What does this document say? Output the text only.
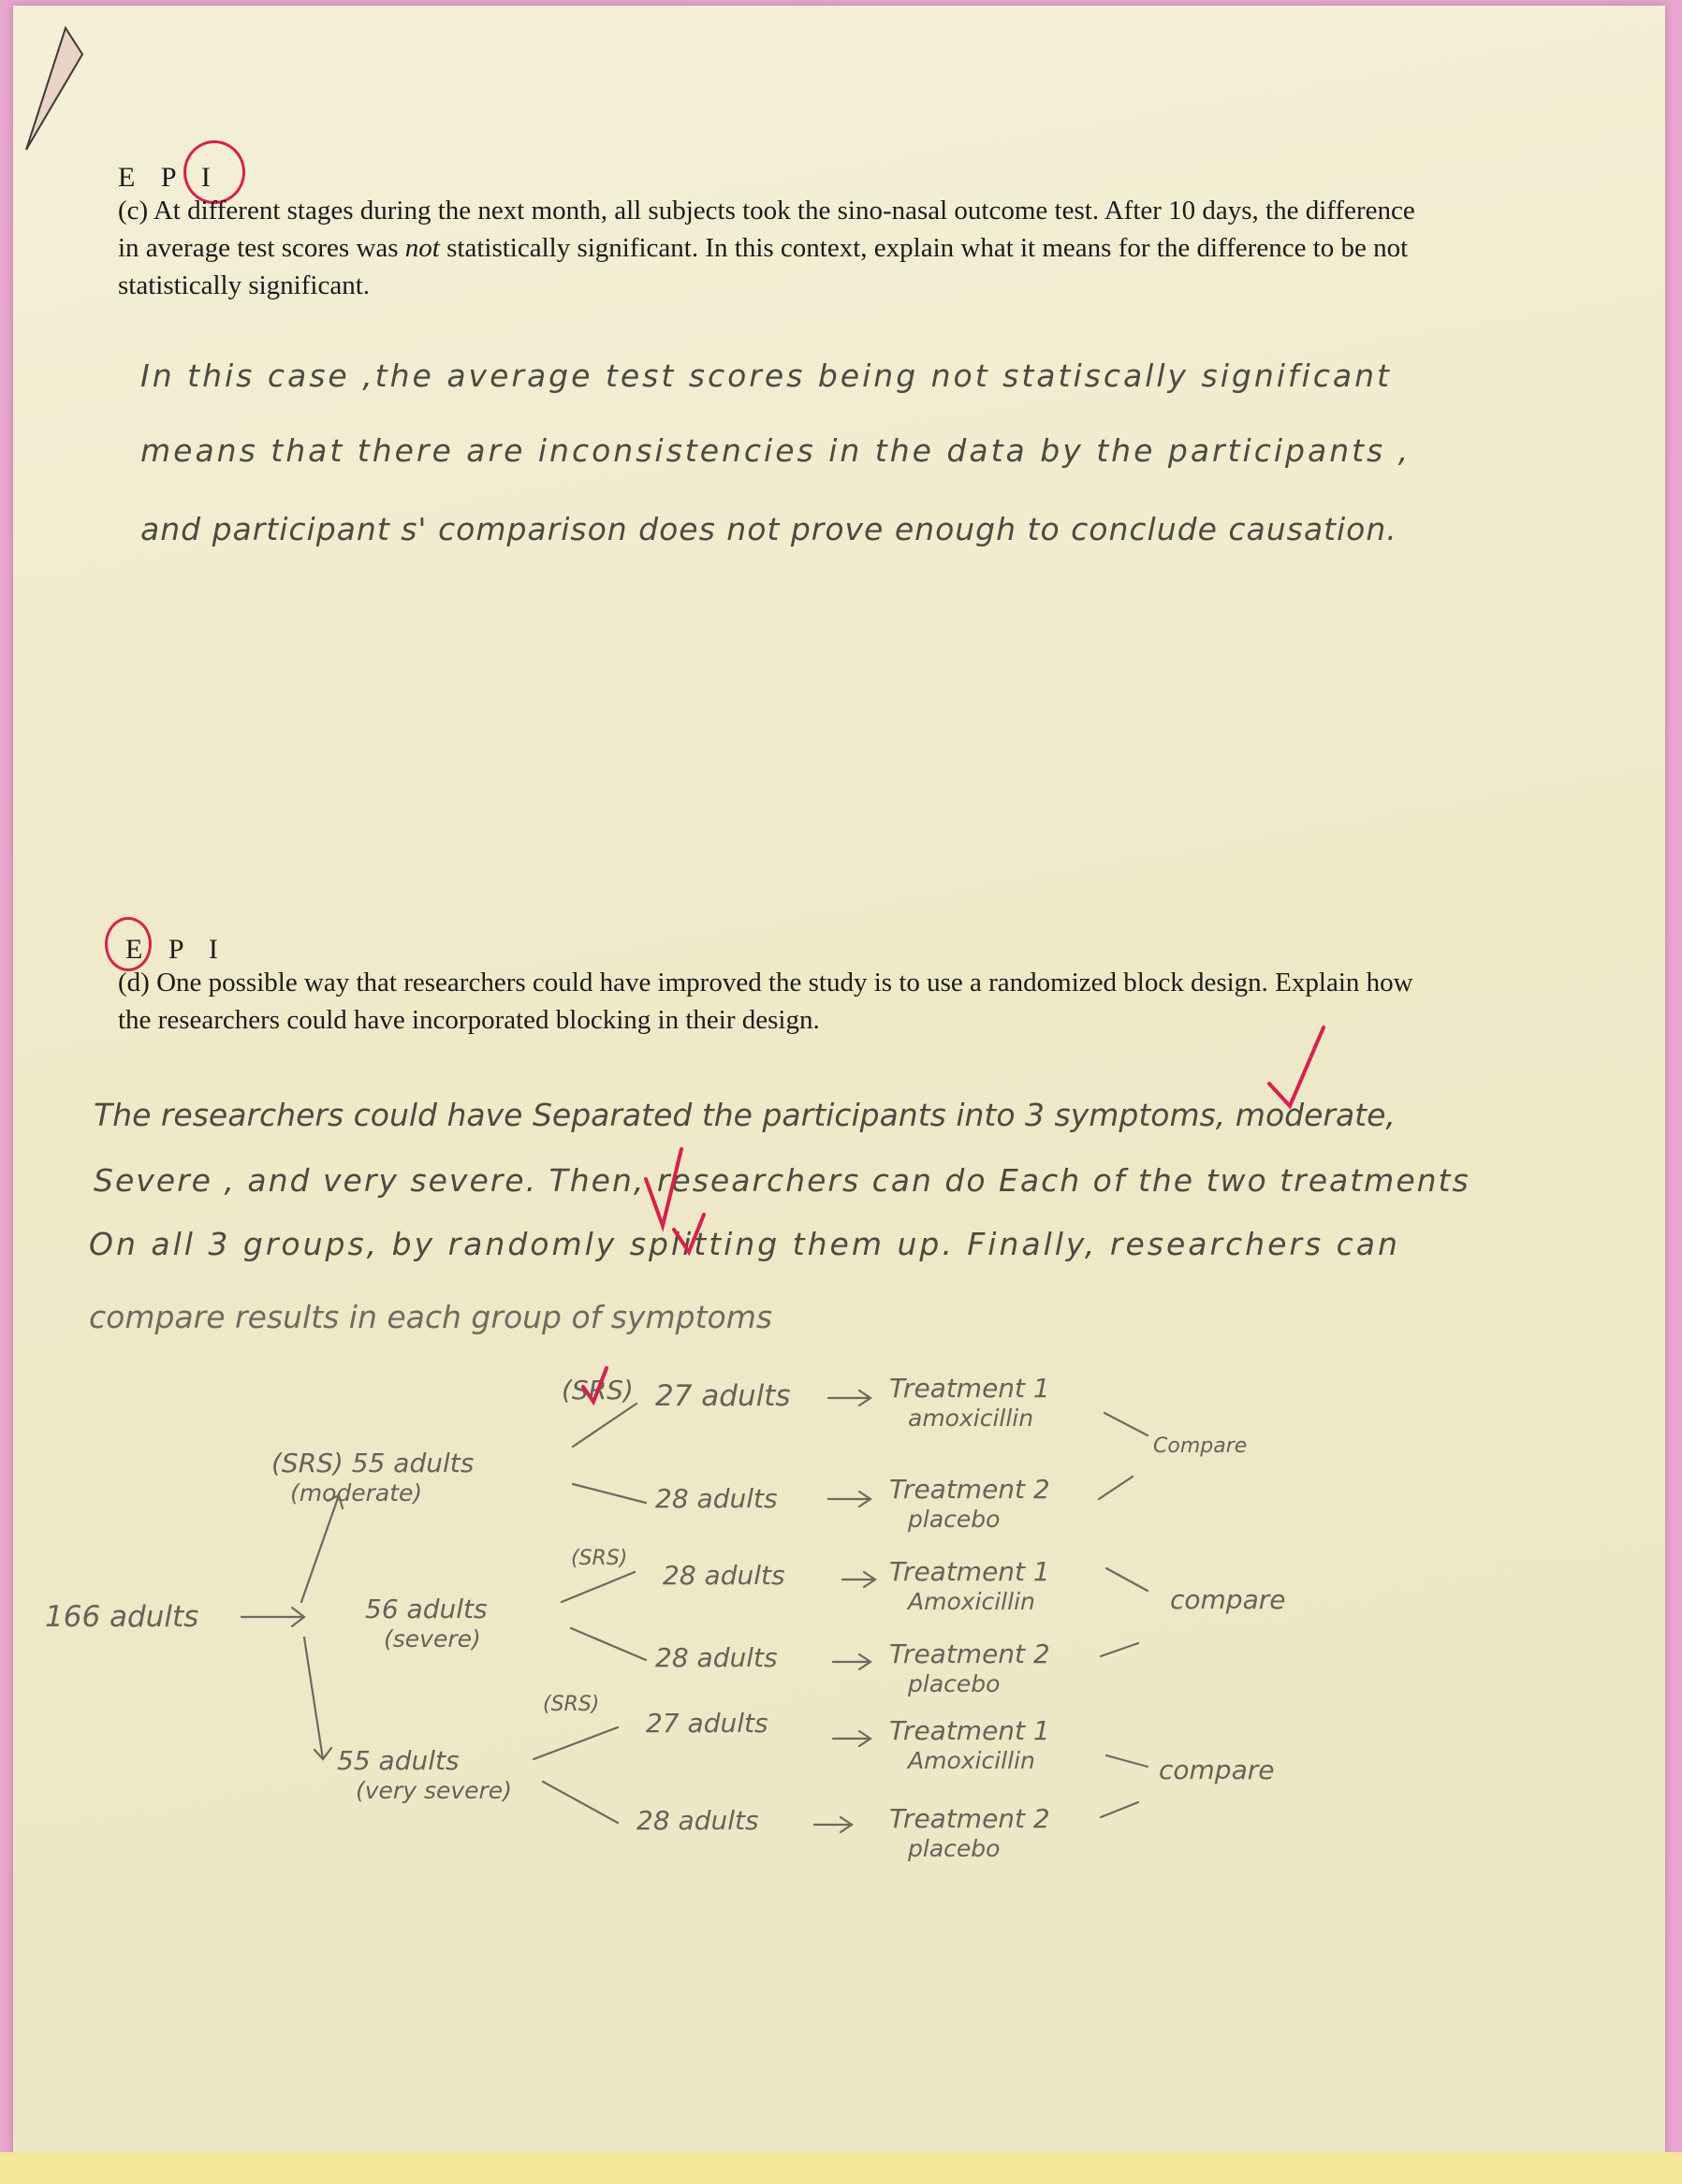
E P I
(c) At different stages during the next month, all subjects took the sino-nasal outcome test. After 10 days, the difference
in average test scores was not statistically significant. In this context, explain what it means for the difference to be not
statistically significant.
In this case ,the average test scores being not statiscally significant
means that there are inconsistencies in the data by the participants ,
and participant s' comparison does not prove enough to conclude causation.
E P I
(d) One possible way that researchers could have improved the study is to use a randomized block design. Explain how
the researchers could have incorporated blocking in their design.
The researchers could have Separated the participants into 3 symptoms, moderate,
Severe , and very severe. Then, researchers can do Each of the two treatments
On all 3 groups, by randomly splitting them up. Finally, researchers can
compare results in each group of symptoms
166 adults
(SRS) 55 adults
(moderate)
56 adults
(severe)
55 adults
(very severe)
(SRS) 27 adults	Treatment 1
amoxicillin
28 adults	Treatment 2
placebo
Compare
(SRS)
28 adults	Treatment 1
Amoxicillin
28 adults	Treatment 2
placebo
compare
(SRS)
27 adults	Treatment 1
Amoxicillin
28 adults	Treatment 2
placebo
compare
